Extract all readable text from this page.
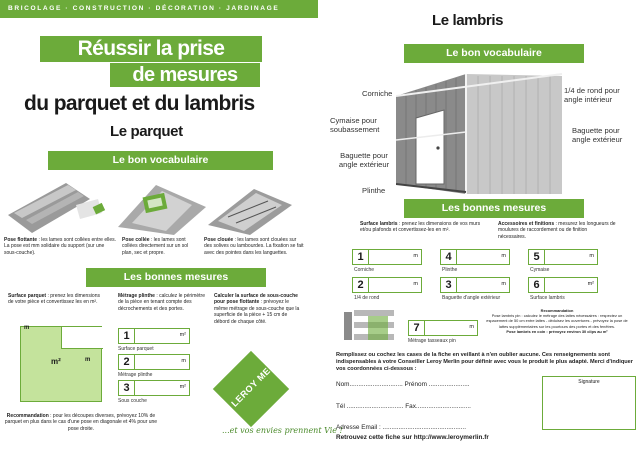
BRICOLAGE · CONSTRUCTION · DÉCORATION · JARDINAGE
Réussir la prise
de mesures
du parquet et du lambris
Le parquet
Le bon vocabulaire
Pose flottante : les lames sont collées entre elles. La pose est mm solidaire du support (sur une sous-couche).
Pose collée : les lames sont collées directement sur un sol plan, sec et propre.
Pose clouée : les lames sont clouées sur des solives ou lambourdes. La fixation se fait avec des pointes dans les languettes.
Les bonnes mesures
Surface parquet : prenez les dimensions de votre pièce et convertissez les en m².
Métrage plinthe : calculez le périmètre de la pièce en tenant compte des décrochements et des portes.
Calculer la surface de sous-couche pour pose flottante : prévoyez le même métrage de sous-couche que la superficie de la pièce + 15 cm de débord de chaque côté.
m
m²	m
1	m²
Surface parquet
2	m
Métrage plinthe
3	m²
Sous couche
Recommandation : pour les découpes diverses, prévoyez 10% de parquet en plus dans le cas d'une pose en diagonale et 4% pour une pose droite.
LEROY MERLIN
...et vos envies prennent Vie !
Le lambris
Le bon vocabulaire
Corniche
Cymaise pour soubassement
Baguette pour angle extérieur
Plinthe
1/4 de rond pour angle intérieur
Baguette pour angle extérieur
Les bonnes mesures
Surface lambris : prenez les dimensions de vos murs et/ou plafonds et convertissez-les en m².
Accessoires et finitions : mesurez les longueurs de moulures de raccordement ou de finition nécessaires.
1	m
Corniche
4	m
Plinthe
5	m
Cymaise
2	m
1/4 de rond
3	m
Baguette d'angle extérieur
6	m²
Surface lambris
7	m
Métrage tasseaux pin
Recommandation
Pose lambris pin : calculez le métrage des lattes nécessaires : respectez un espacement de 50 cm entre lattes - déduisez les ouvertures - prévoyez la pose de lattes supplémentaires sur les pourtours des portes et des fenêtres.
Pose lambris en coin : prévoyez environ 30 clips au m²
Remplissez ou cochez les cases de la fiche en veillant à n'en oublier aucune. Ces renseignements sont indispensables à votre Conseiller Leroy Merlin pour définir avec vous le produit le plus adapté. Merci d'indiquer vos coordonnées ci-dessous :
Nom.............................. Prénom .......................
Tél ................................ Fax...............................
Adresse Email : ...............................................
Retrouvez cette fiche sur http://www.leroymerlin.fr
Signature
